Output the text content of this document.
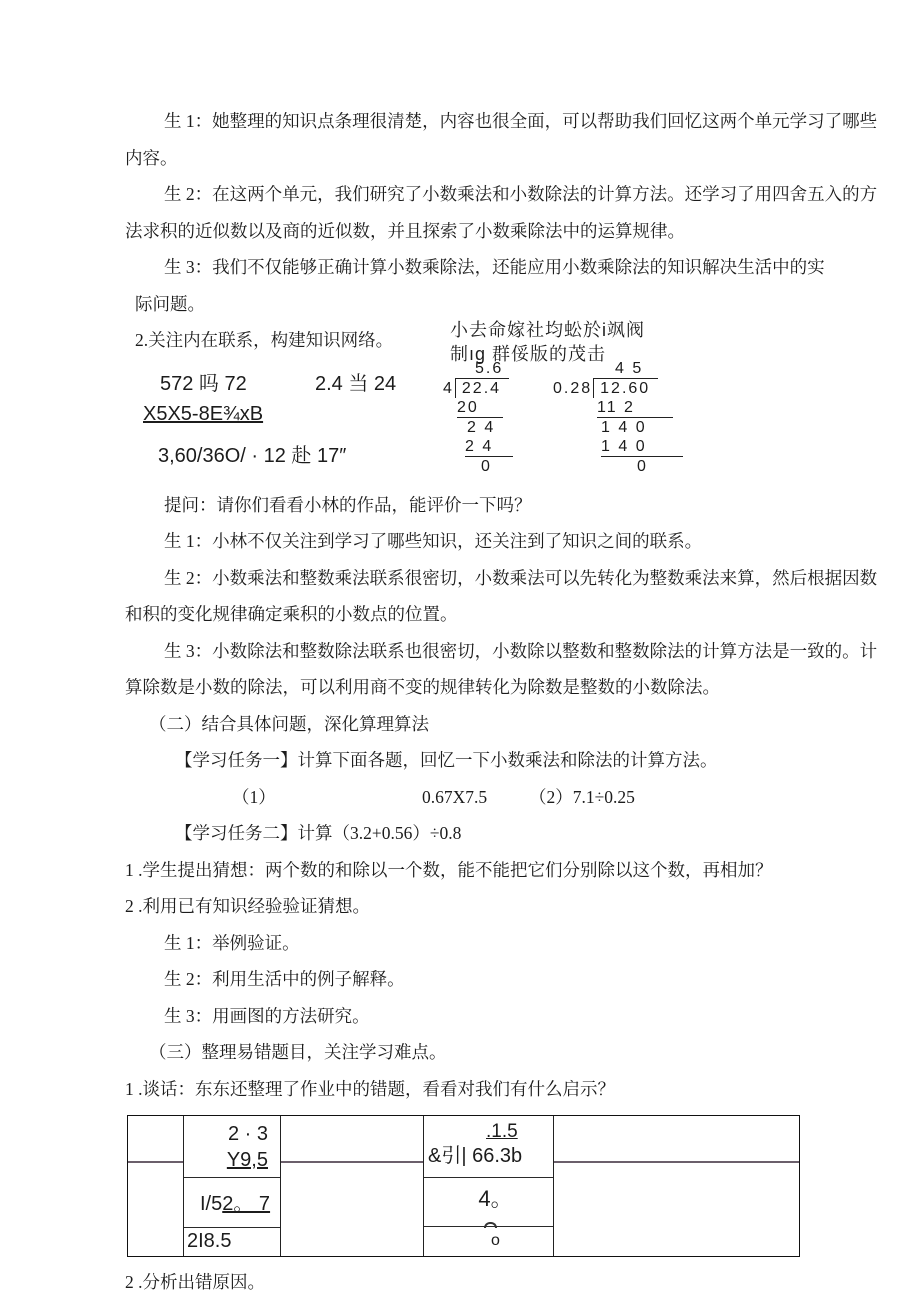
生 1：她整理的知识点条理很清楚，内容也很全面，可以帮助我们回忆这两个单元学习了哪些
内容。
生 2：在这两个单元，我们研究了小数乘法和小数除法的计算方法。还学习了用四舍五入的方
法求积的近似数以及商的近似数，并且探索了小数乘除法中的运算规律。
生 3：我们不仅能够正确计算小数乘除法，还能应用小数乘除法的知识解决生活中的实
际问题。
2.关注内在联系，构建知识网络。
572 吗 72	2.4 当 24
X5X5-8E¾xB
3,60/36O/ · 12 赴 17″
小去命嫁社均蚣於i飒阀
制ıg 群俀版的茂击
5.6
4 22.4
20
2 4
2 4
0
4 5
0.28 12.60
11 2
1 4 0
1 4 0
0
提问：请你们看看小林的作品，能评价一下吗？
生 1：小林不仅关注到学习了哪些知识，还关注到了知识之间的联系。
生 2：小数乘法和整数乘法联系很密切，小数乘法可以先转化为整数乘法来算，然后根据因数
和积的变化规律确定乘积的小数点的位置。
生 3：小数除法和整数除法联系也很密切，小数除以整数和整数除法的计算方法是一致的。计
算除数是小数的除法，可以利用商不变的规律转化为除数是整数的小数除法。
（二）结合具体问题，深化算理算法
【学习任务一】计算下面各题，回忆一下小数乘法和除法的计算方法。
（1）	0.67X7.5 （2）7.1÷0.25
【学习任务二】计算（3.2+0.56）÷0.8
1 .学生提出猜想：两个数的和除以一个数，能不能把它们分别除以这个数，再相加？
2 .利用已有知识经验验证猜想。
生 1：举例验证。
生 2：利用生活中的例子解释。
生 3：用画图的方法研究。
（三）整理易错题目，关注学习难点。
1 .谈话：东东还整理了作业中的错题，看看对我们有什么启示？
2 · 3
Y9,5
I/52。 7
2I8.5
.1.5
&引| 66.3b
4。
o
2 .分析出错原因。
